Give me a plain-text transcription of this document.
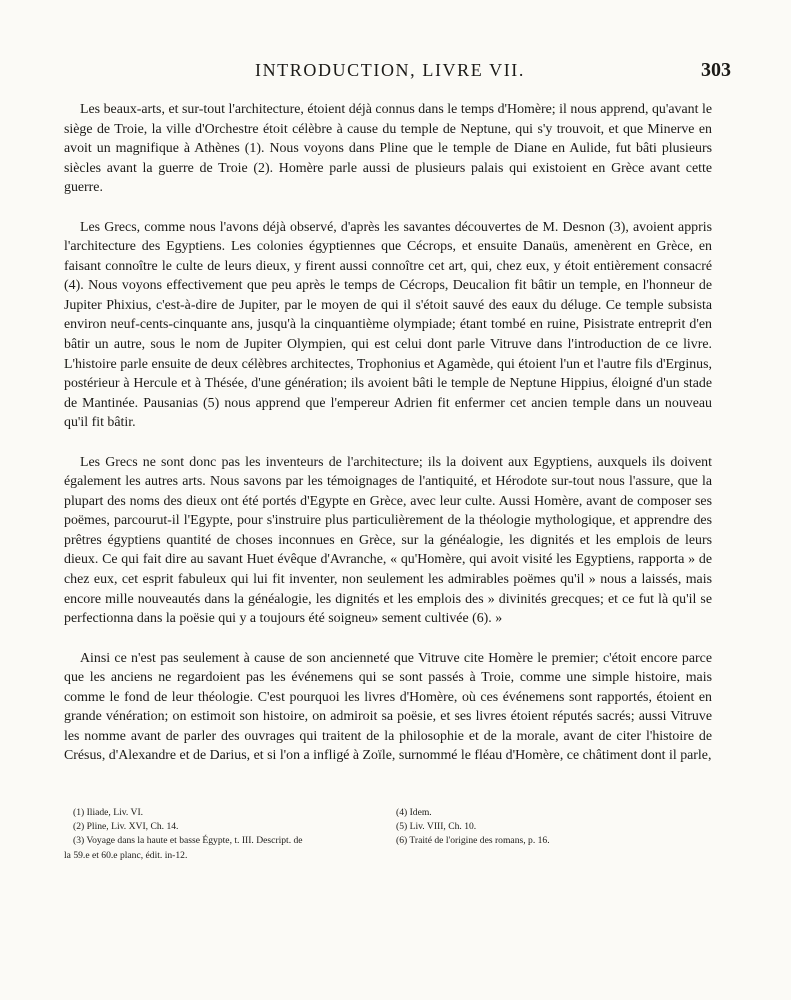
INTRODUCTION, LIVRE VII.	303

Les beaux-arts, et sur-tout l'architecture, étoient déjà connus dans le temps d'Homère; il nous apprend, qu'avant le siège de Troie, la ville d'Orchestre étoit célèbre à cause du temple de Neptune, qui s'y trouvoit, et que Minerve en avoit un magnifique à Athènes (1). Nous voyons dans Pline que le temple de Diane en Aulide, fut bâti plusieurs siècles avant la guerre de Troie (2). Homère parle aussi de plusieurs palais qui existoient en Grèce avant cette guerre.

Les Grecs, comme nous l'avons déjà observé, d'après les savantes découvertes de M. Desnon (3), avoient appris l'architecture des Egyptiens. Les colonies égyptiennes que Cécrops, et ensuite Danaüs, amenèrent en Grèce, en faisant connoître le culte de leurs dieux, y firent aussi connoître cet art, qui, chez eux, y étoit entièrement consacré (4). Nous voyons effectivement que peu après le temps de Cécrops, Deucalion fit bâtir un temple, en l'honneur de Jupiter Phixius, c'est-à-dire de Jupiter, par le moyen de qui il s'étoit sauvé des eaux du déluge. Ce temple subsista environ neuf-cents-cinquante ans, jusqu'à la cinquantième olympiade; étant tombé en ruine, Pisistrate entreprit d'en bâtir un autre, sous le nom de Jupiter Olympien, qui est celui dont parle Vitruve dans l'introduction de ce livre. L'histoire parle ensuite de deux célèbres architectes, Trophonius et Agamède, qui étoient l'un et l'autre fils d'Erginus, postérieur à Hercule et à Thésée, d'une génération; ils avoient bâti le temple de Neptune Hippius, éloigné d'un stade de Mantinée. Pausanias (5) nous apprend que l'empereur Adrien fit enfermer cet ancien temple dans un nouveau qu'il fit bâtir.

Les Grecs ne sont donc pas les inventeurs de l'architecture; ils la doivent aux Egyptiens, auxquels ils doivent également les autres arts. Nous savons par les témoignages de l'antiquité, et Hérodote sur-tout nous l'assure, que la plupart des noms des dieux ont été portés d'Egypte en Grèce, avec leur culte. Aussi Homère, avant de composer ses poëmes, parcourut-il l'Egypte, pour s'instruire plus particulièrement de la théologie mythologique, et apprendre des prêtres égyptiens quantité de choses inconnues en Grèce, sur la généalogie, les dignités et les emplois de leurs dieux. Ce qui fait dire au savant Huet évêque d'Avranche, « qu'Homère, qui avoit visité les Egyptiens, rapporta » de chez eux, cet esprit fabuleux qui lui fit inventer, non seulement les admirables poëmes qu'il » nous a laissés, mais encore mille nouveautés dans la généalogie, les dignités et les emplois des » divinités grecques; et ce fut là qu'il se perfectionna dans la poësie qui y a toujours été soigneu» sement cultivée (6). »

Ainsi ce n'est pas seulement à cause de son ancienneté que Vitruve cite Homère le premier; c'étoit encore parce que les anciens ne regardoient pas les événemens qui se sont passés à Troie, comme une simple histoire, mais comme le fond de leur théologie. C'est pourquoi les livres d'Homère, où ces événemens sont rapportés, étoient en grande vénération; on estimoit son histoire, on admiroit sa poësie, et ses livres étoient réputés sacrés; aussi Vitruve les nomme avant de parler des ouvrages qui traitent de la philosophie et de la morale, avant de citer l'histoire de Crésus, d'Alexandre et de Darius, et si l'on a infligé à Zoïle, surnommé le fléau d'Homère, ce châtiment dont il parle,

(1) Iliade, Liv. VI.
(2) Pline, Liv. XVI, Ch. 14.
(3) Voyage dans la haute et basse Égypte, t. III. Descript. de
la 59.e et 60.e planc, édit. in-12.
(4) Idem.
(5) Liv. VIII, Ch. 10.
(6) Traité de l'origine des romans, p. 16.
